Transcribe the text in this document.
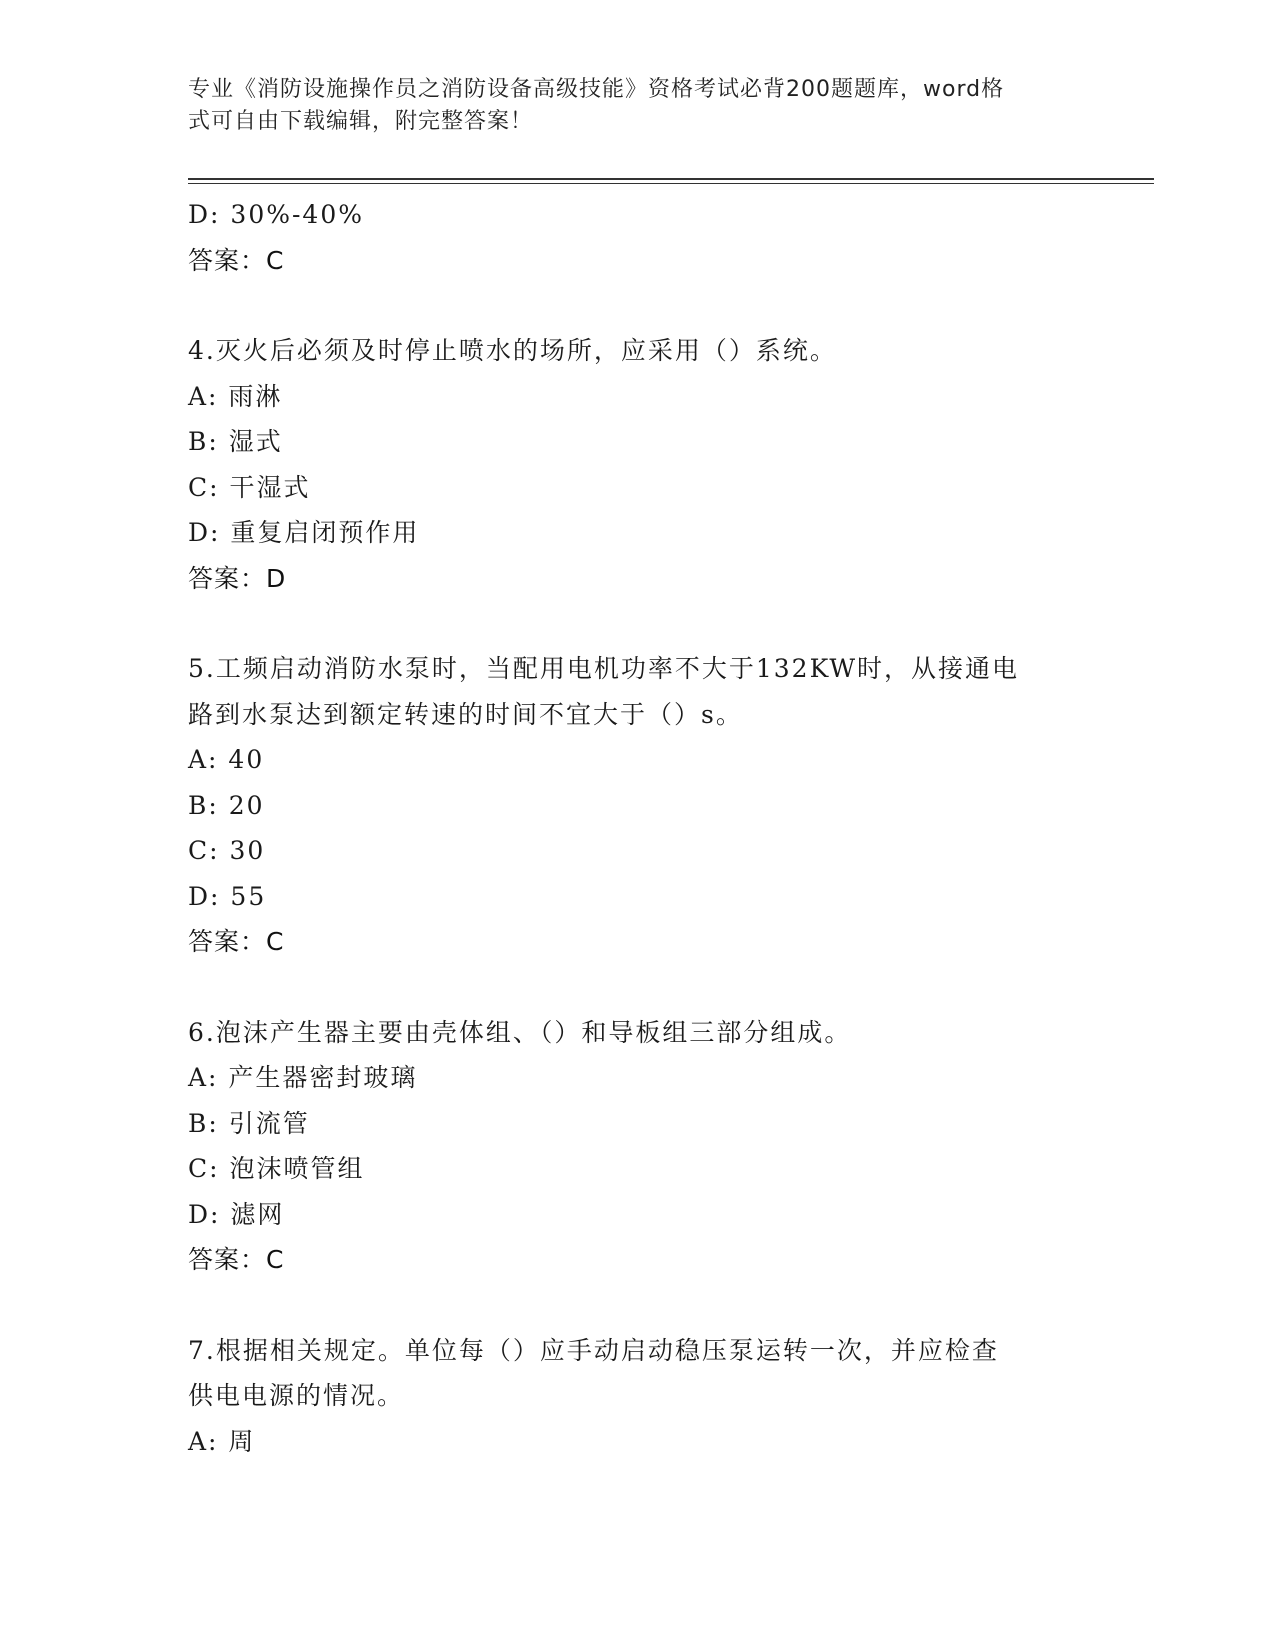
专业《消防设施操作员之消防设备高级技能》资格考试必背200题题库，word格
式可自由下载编辑，附完整答案！
D: 30%-40%
答案：C
4.灭火后必须及时停止喷水的场所，应采用（）系统。
A: 雨淋
B: 湿式
C: 干湿式
D: 重复启闭预作用
答案：D
5.工频启动消防水泵时，当配用电机功率不大于132KW时，从接通电
路到水泵达到额定转速的时间不宜大于（）s。
A: 40
B: 20
C: 30
D: 55
答案：C
6.泡沫产生器主要由壳体组、（）和导板组三部分组成。
A: 产生器密封玻璃
B: 引流管
C: 泡沫喷管组
D: 滤网
答案：C
7.根据相关规定。单位每（）应手动启动稳压泵运转一次，并应检查
供电电源的情况。
A: 周
